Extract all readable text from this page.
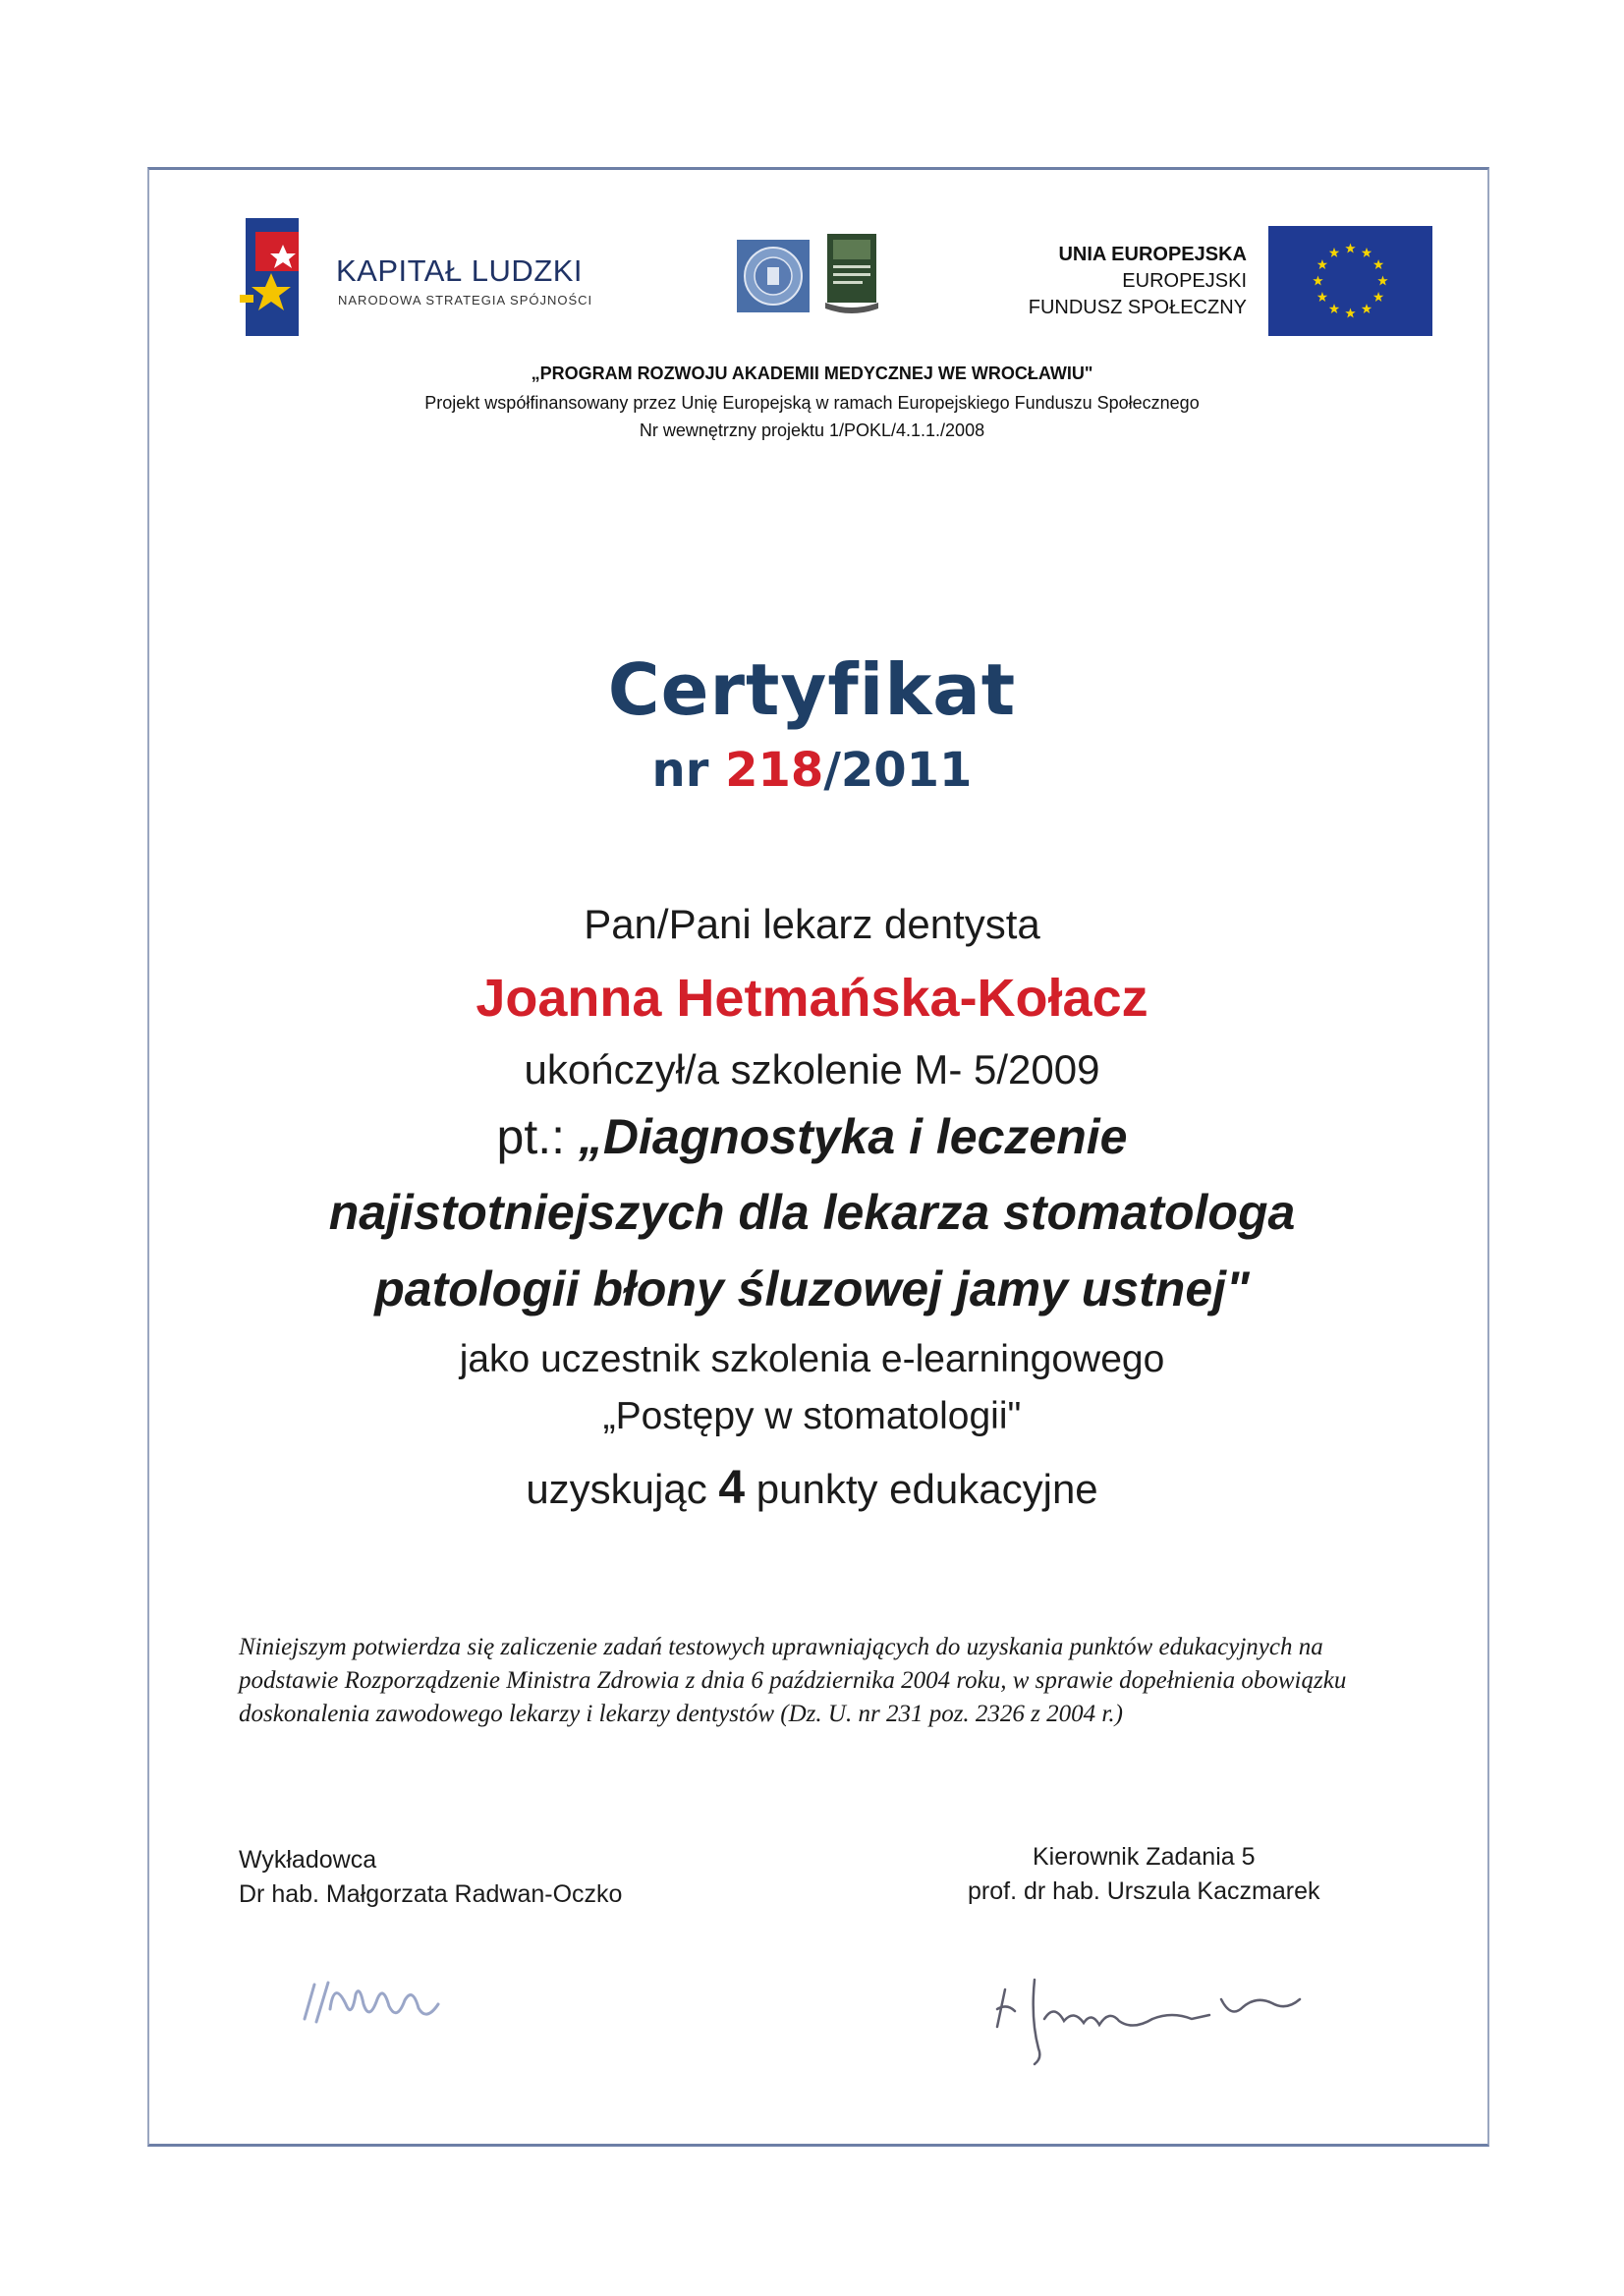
KAPITAŁ LUDZKI
NARODOWA STRATEGIA SPÓJNOŚCI
UNIA EUROPEJSKA
EUROPEJSKI
FUNDUSZ SPOŁECZNY
„PROGRAM ROZWOJU AKADEMII MEDYCZNEJ WE WROCŁAWIU"
Projekt współfinansowany przez Unię Europejską w ramach Europejskiego Funduszu Społecznego
Nr wewnętrzny projektu 1/POKL/4.1.1./2008
Certyfikat
nr 218/2011
Pan/Pani lekarz dentysta
Joanna Hetmańska-Kołacz
ukończył/a szkolenie M- 5/2009
pt.: „Diagnostyka i leczenie
najistotniejszych dla lekarza stomatologa
patologii błony śluzowej jamy ustnej"
jako uczestnik szkolenia e-learningowego
„Postępy w stomatologii"
uzyskując 4 punkty edukacyjne
Niniejszym potwierdza się zaliczenie zadań testowych uprawniających do uzyskania punktów edukacyjnych na podstawie Rozporządzenie Ministra Zdrowia z dnia 6 października 2004 roku, w sprawie dopełnienia obowiązku doskonalenia zawodowego lekarzy i lekarzy dentystów (Dz. U. nr 231 poz. 2326 z 2004 r.)
Wykładowca
Dr hab. Małgorzata Radwan-Oczko
Kierownik Zadania 5
prof. dr hab. Urszula Kaczmarek
